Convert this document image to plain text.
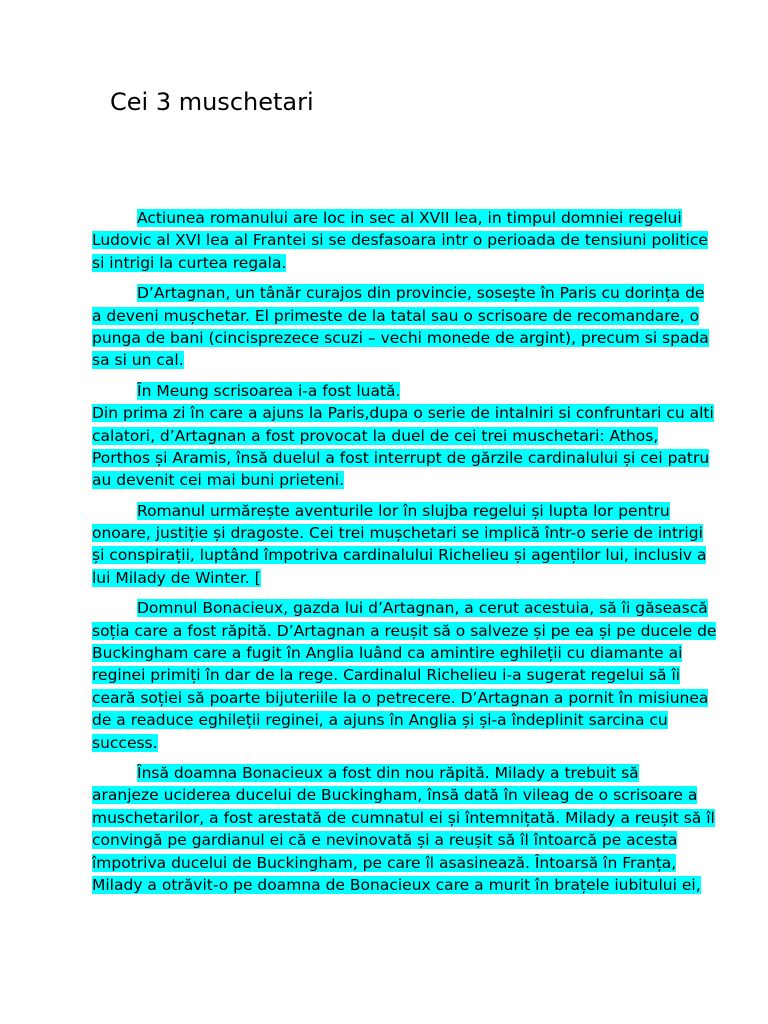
Cei 3 muschetari

Actiunea romanului are loc in sec al XVII lea, in timpul domniei regelui
Ludovic al XVI lea al Frantei si se desfasoara intr o perioada de tensiuni politice
si intrigi la curtea regala.

D’Artagnan, un tânăr curajos din provincie, sosește în Paris cu dorința de
a deveni mușchetar. El primeste de la tatal sau o scrisoare de recomandare, o
punga de bani (cincisprezece scuzi – vechi monede de argint), precum si spada
sa si un cal.

În Meung scrisoarea i-a fost luată.
Din prima zi în care a ajuns la Paris,dupa o serie de intalniri si confruntari cu alti
calatori, d’Artagnan a fost provocat la duel de cei trei muschetari: Athos,
Porthos și Aramis, însă duelul a fost interrupt de gărzile cardinalului și cei patru
au devenit cei mai buni prieteni.

Romanul urmărește aventurile lor în slujba regelui și lupta lor pentru
onoare, justiție și dragoste. Cei trei mușchetari se implică într-o serie de intrigi
și conspirații, luptând împotriva cardinalului Richelieu și agenților lui, inclusiv a
lui Milady de Winter. [

Domnul Bonacieux, gazda lui d’Artagnan, a cerut acestuia, să îi găsească
soția care a fost răpită. D’Artagnan a reușit să o salveze și pe ea și pe ducele de
Buckingham care a fugit în Anglia luând ca amintire eghileții cu diamante ai
reginei primiți în dar de la rege. Cardinalul Richelieu i-a sugerat regelui să îi
ceară soției să poarte bijuteriile la o petrecere. D’Artagnan a pornit în misiunea
de a readuce eghileții reginei, a ajuns în Anglia și și-a îndeplinit sarcina cu
success.

Însă doamna Bonacieux a fost din nou răpită. Milady a trebuit să
aranjeze uciderea ducelui de Buckingham, însă dată în vileag de o scrisoare a
muschetarilor, a fost arestată de cumnatul ei și întemnițată. Milady a reușit să îl
convingă pe gardianul ei că e nevinovată și a reușit să îl întoarcă pe acesta
împotriva ducelui de Buckingham, pe care îl asasinează. Întoarsă în Franța,
Milady a otrăvit-o pe doamna de Bonacieux care a murit în brațele iubitului ei,
